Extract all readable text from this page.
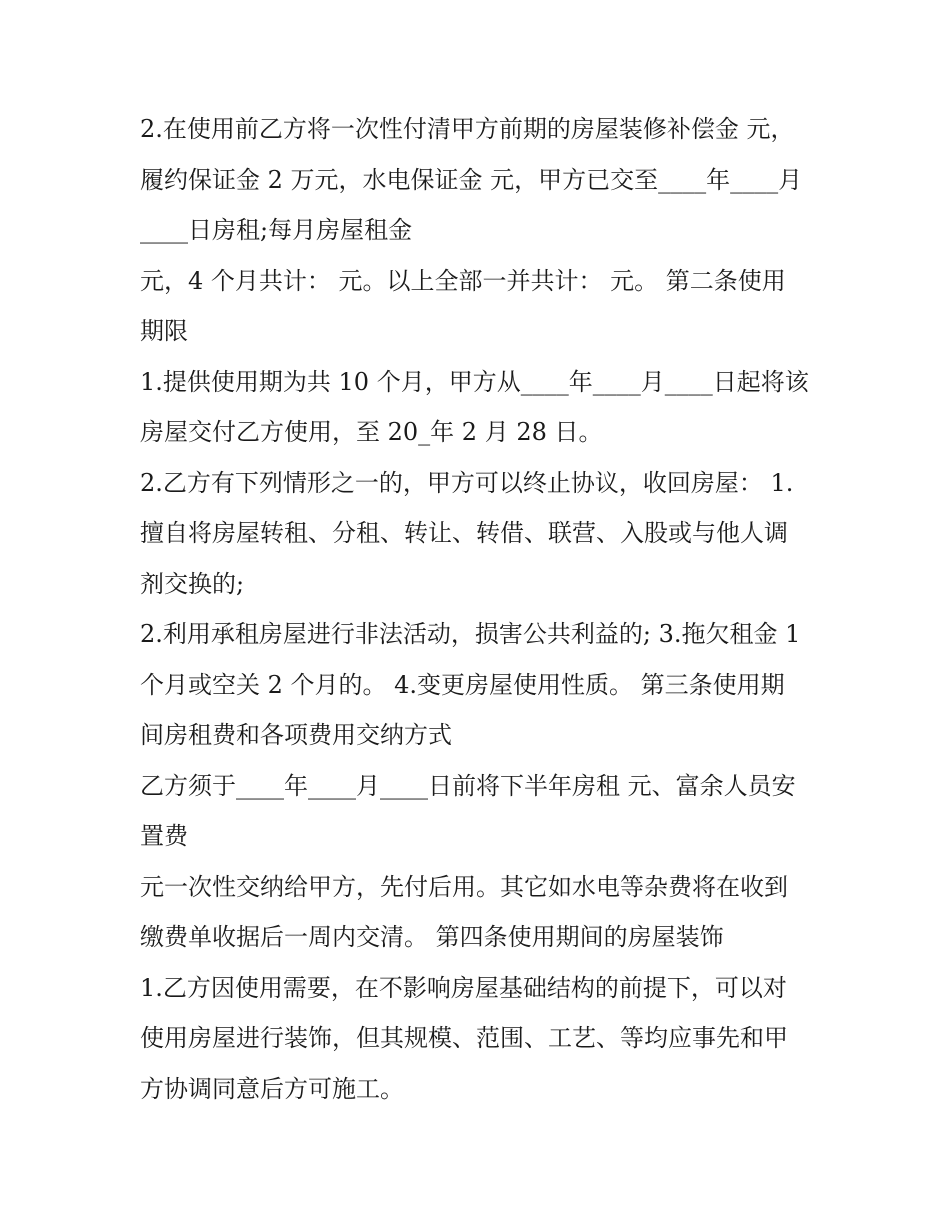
2.在使用前乙方将一次性付清甲方前期的房屋装修补偿金 元，

履约保证金 2 万元，水电保证金 元，甲方已交至____年____月

____日房租;每月房屋租金

元，4 个月共计： 元。以上全部一并共计： 元。 第二条使用

期限

1.提供使用期为共 10 个月，甲方从____年____月____日起将该

房屋交付乙方使用，至 20_年 2 月 28 日。

2.乙方有下列情形之一的，甲方可以终止协议，收回房屋： 1.

擅自将房屋转租、分租、转让、转借、联营、入股或与他人调

剂交换的;

2.利用承租房屋进行非法活动，损害公共利益的; 3.拖欠租金 1

个月或空关 2 个月的。 4.变更房屋使用性质。 第三条使用期

间房租费和各项费用交纳方式

乙方须于____年____月____日前将下半年房租 元、富余人员安

置费

元一次性交纳给甲方，先付后用。其它如水电等杂费将在收到

缴费单收据后一周内交清。 第四条使用期间的房屋装饰

1.乙方因使用需要，在不影响房屋基础结构的前提下，可以对

使用房屋进行装饰，但其规模、范围、工艺、等均应事先和甲

方协调同意后方可施工。
